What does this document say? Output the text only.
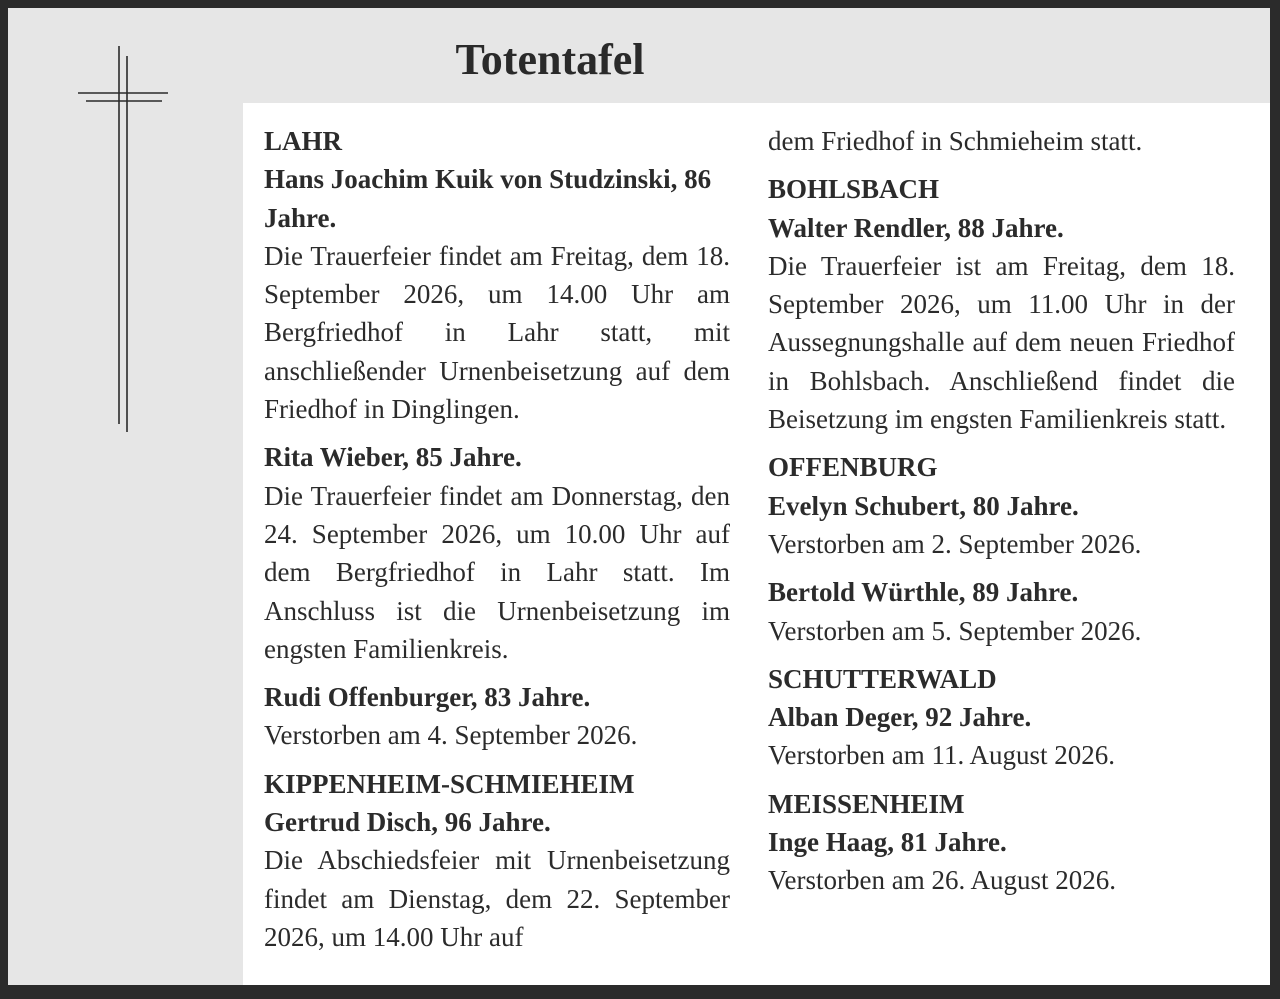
Totentafel
LAHR
Hans Joachim Kuik von Studzinski, 86 Jahre.
Die Trauerfeier findet am Freitag, dem 18. September 2026, um 14.00 Uhr am Bergfriedhof in Lahr statt, mit anschließender Urnenbeisetzung auf dem Friedhof in Dinglingen.
Rita Wieber, 85 Jahre.
Die Trauerfeier findet am Donnerstag, den 24. September 2026, um 10.00 Uhr auf dem Bergfriedhof in Lahr statt. Im Anschluss ist die Urnenbeisetzung im engsten Familienkreis.
Rudi Offenburger, 83 Jahre.
Verstorben am 4. September 2026.
KIPPENHEIM-SCHMIEHEIM
Gertrud Disch, 96 Jahre.
Die Abschiedsfeier mit Urnenbeisetzung findet am Dienstag, dem 22. September 2026, um 14.00 Uhr auf
dem Friedhof in Schmieheim statt.
BOHLSBACH
Walter Rendler, 88 Jahre.
Die Trauerfeier ist am Freitag, dem 18. September 2026, um 11.00 Uhr in der Aussegnungshalle auf dem neuen Friedhof in Bohlsbach. Anschließend findet die Beisetzung im engsten Familienkreis statt.
OFFENBURG
Evelyn Schubert, 80 Jahre.
Verstorben am 2. September 2026.
Bertold Würthle, 89 Jahre.
Verstorben am 5. September 2026.
SCHUTTERWALD
Alban Deger, 92 Jahre.
Verstorben am 11. August 2026.
MEISSENHEIM
Inge Haag, 81 Jahre.
Verstorben am 26. August 2026.
